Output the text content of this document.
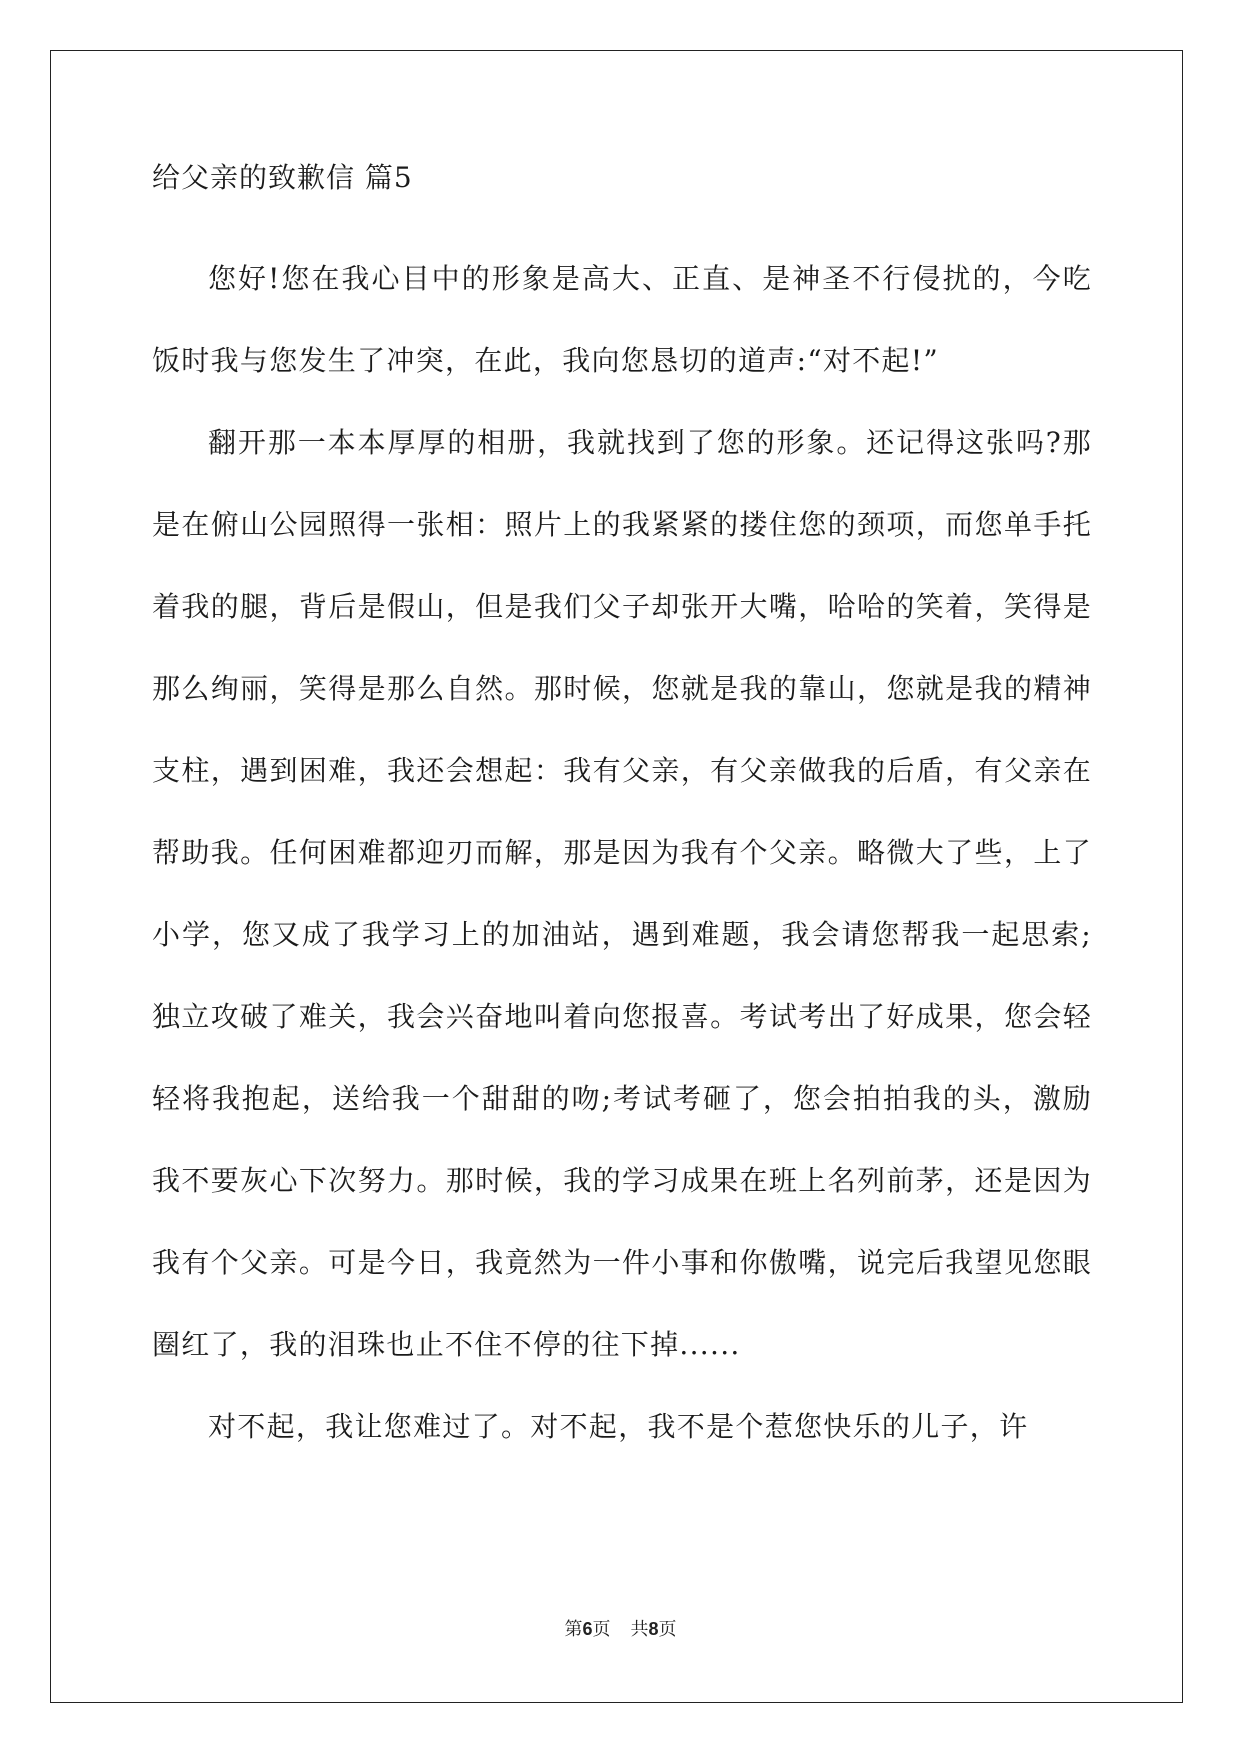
给父亲的致歉信 篇5

您好!您在我心目中的形象是高大、正直、是神圣不行侵扰的，今吃饭时我与您发生了冲突，在此，我向您恳切的道声:“对不起!”

翻开那一本本厚厚的相册，我就找到了您的形象。还记得这张吗?那是在俯山公园照得一张相：照片上的我紧紧的搂住您的颈项，而您单手托着我的腿，背后是假山，但是我们父子却张开大嘴，哈哈的笑着，笑得是那么绚丽，笑得是那么自然。那时候，您就是我的靠山，您就是我的精神支柱，遇到困难，我还会想起：我有父亲，有父亲做我的后盾，有父亲在帮助我。任何困难都迎刃而解，那是因为我有个父亲。略微大了些，上了小学，您又成了我学习上的加油站，遇到难题，我会请您帮我一起思索;独立攻破了难关，我会兴奋地叫着向您报喜。考试考出了好成果，您会轻轻将我抱起，送给我一个甜甜的吻;考试考砸了，您会拍拍我的头，激励我不要灰心下次努力。那时候，我的学习成果在班上名列前茅，还是因为我有个父亲。可是今日，我竟然为一件小事和你傲嘴，说完后我望见您眼圈红了，我的泪珠也止不住不停的往下掉......

对不起，我让您难过了。对不起，我不是个惹您快乐的儿子，许

第6页 共8页
